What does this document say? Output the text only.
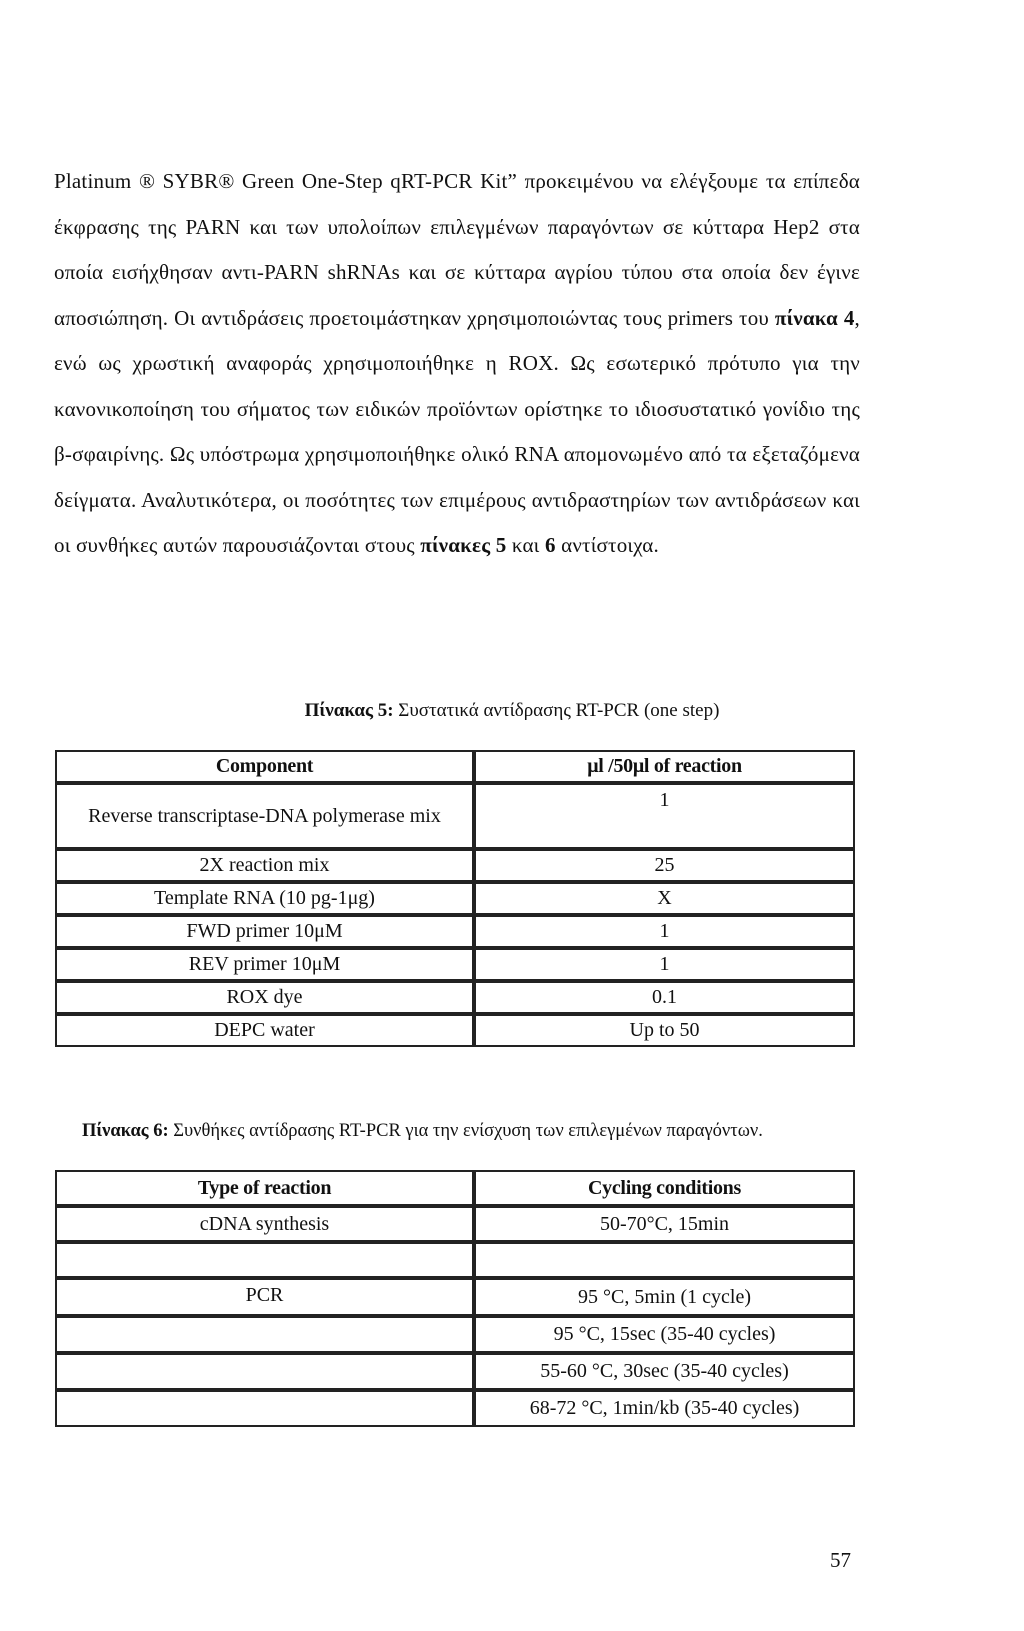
Platinum ® SYBR® Green One-Step qRT-PCR Kit” προκειμένου να ελέγξουμε τα επίπεδα έκφρασης της PARN και των υπολοίπων επιλεγμένων παραγόντων σε κύτταρα Hep2 στα οποία εισήχθησαν αντι-PARN shRNAs και σε κύτταρα αγρίου τύπου στα οποία δεν έγινε αποσιώπηση. Οι αντιδράσεις προετοιμάστηκαν χρησιμοποιώντας τους primers του πίνακα 4, ενώ ως χρωστική αναφοράς χρησιμοποιήθηκε η ROX. Ως εσωτερικό πρότυπο για την κανονικοποίηση του σήματος των ειδικών προϊόντων ορίστηκε το ιδιοσυστατικό γονίδιο της β-σφαιρίνης. Ως υπόστρωμα χρησιμοποιήθηκε ολικό RNA απομονωμένο από τα εξεταζόμενα δείγματα. Αναλυτικότερα, οι ποσότητες των επιμέρους αντιδραστηρίων των αντιδράσεων και οι συνθήκες αυτών παρουσιάζονται στους πίνακες 5 και 6 αντίστοιχα.

Πίνακας 5: Συστατικά αντίδρασης RT-PCR (one step)
Component	μl /50μl of reaction
Reverse transcriptase-DNA polymerase mix	1
2X reaction mix	25
Template RNA (10 pg-1μg)	X
FWD primer 10μM	1
REV primer 10μM	1
ROX dye	0.1
DEPC water	Up to 50
Πίνακας 6: Συνθήκες αντίδρασης RT-PCR για την ενίσχυση των επιλεγμένων παραγόντων.
Type of reaction	Cycling conditions
cDNA synthesis	50-70°C, 15min

PCR	95 °C, 5min (1 cycle)
	95 °C, 15sec (35-40 cycles)
	55-60 °C, 30sec (35-40 cycles)
	68-72 °C, 1min/kb (35-40 cycles)
57
